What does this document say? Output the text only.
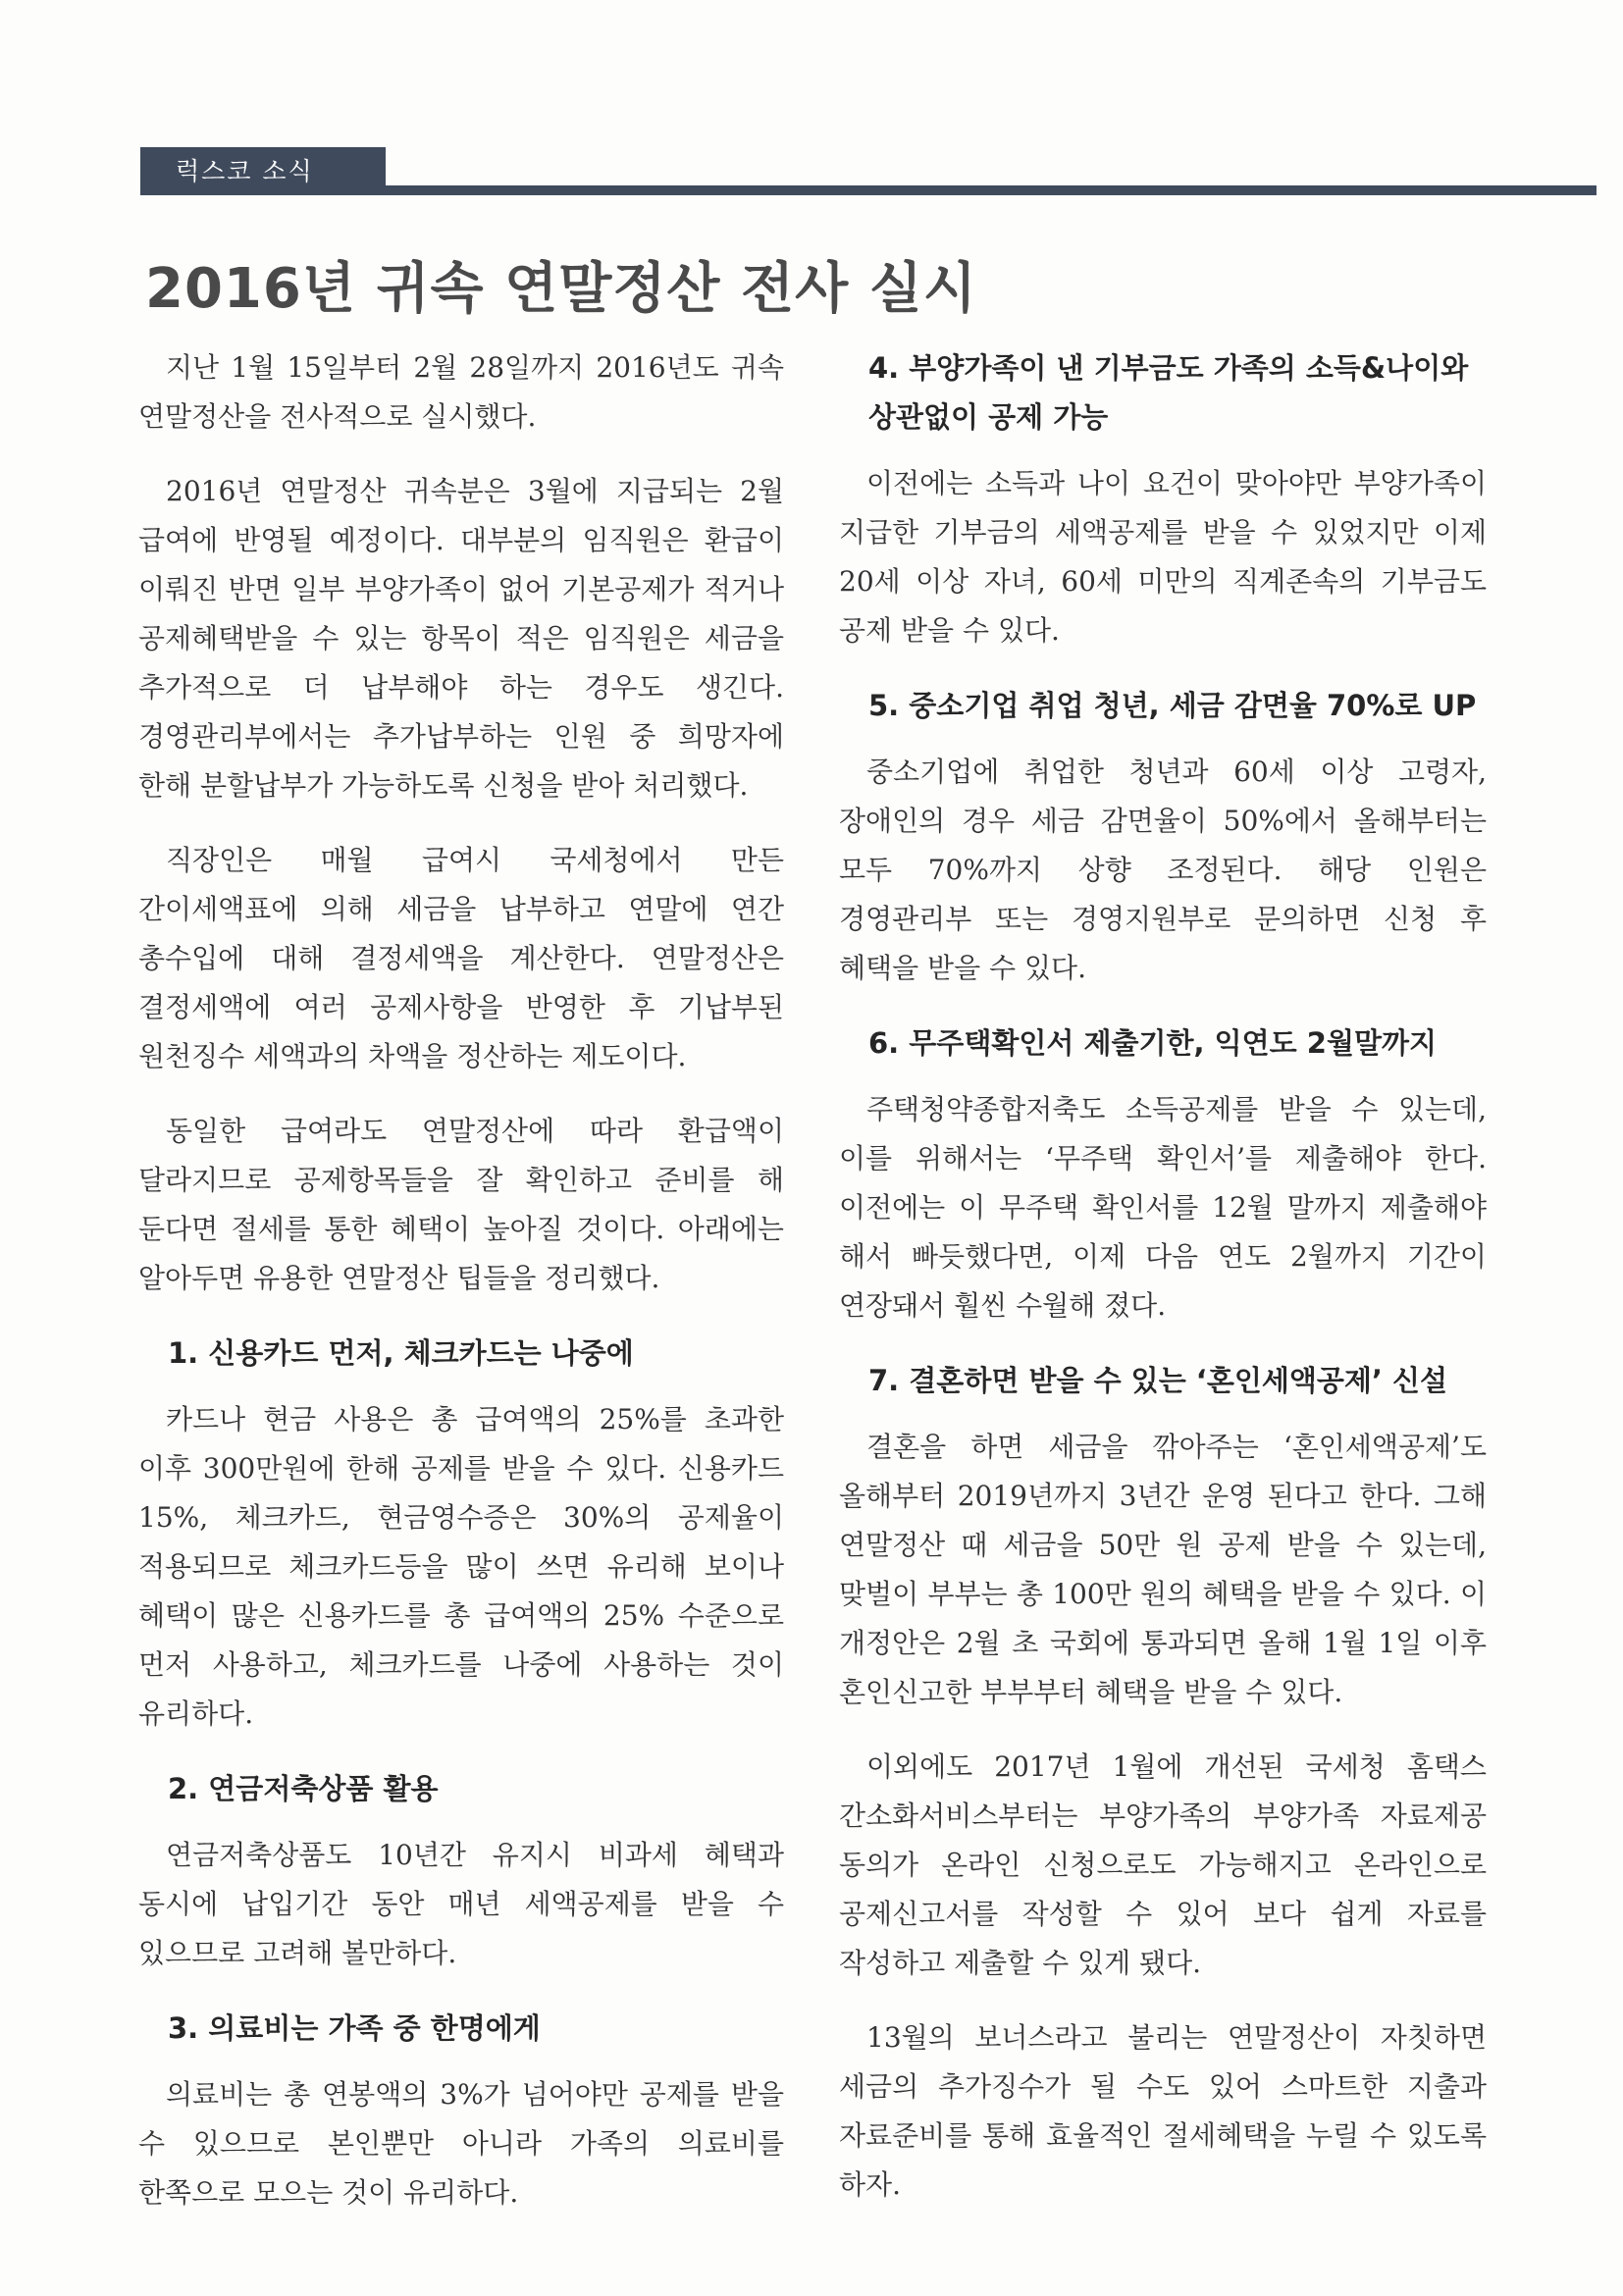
럭스코 소식
2016년 귀속 연말정산 전사 실시

지난 1월 15일부터 2월 28일까지 2016년도 귀속 연말정산을 전사적으로 실시했다.

2016년 연말정산 귀속분은 3월에 지급되는 2월 급여에 반영될 예정이다. 대부분의 임직원은 환급이 이뤄진 반면 일부 부양가족이 없어 기본공제가 적거나 공제혜택받을 수 있는 항목이 적은 임직원은 세금을 추가적으로 더 납부해야 하는 경우도 생긴다. 경영관리부에서는 추가납부하는 인원 중 희망자에 한해 분할납부가 가능하도록 신청을 받아 처리했다.

직장인은 매월 급여시 국세청에서 만든 간이세액표에 의해 세금을 납부하고 연말에 연간 총수입에 대해 결정세액을 계산한다. 연말정산은 결정세액에 여러 공제사항을 반영한 후 기납부된 원천징수 세액과의 차액을 정산하는 제도이다.

동일한 급여라도 연말정산에 따라 환급액이 달라지므로 공제항목들을 잘 확인하고 준비를 해 둔다면 절세를 통한 혜택이 높아질 것이다. 아래에는 알아두면 유용한 연말정산 팁들을 정리했다.

1. 신용카드 먼저, 체크카드는 나중에

카드나 현금 사용은 총 급여액의 25%를 초과한 이후 300만원에 한해 공제를 받을 수 있다. 신용카드 15%, 체크카드, 현금영수증은 30%의 공제율이 적용되므로 체크카드등을 많이 쓰면 유리해 보이나 혜택이 많은 신용카드를 총 급여액의 25% 수준으로 먼저 사용하고, 체크카드를 나중에 사용하는 것이 유리하다.

2. 연금저축상품 활용

연금저축상품도 10년간 유지시 비과세 혜택과 동시에 납입기간 동안 매년 세액공제를 받을 수 있으므로 고려해 볼만하다.

3. 의료비는 가족 중 한명에게

의료비는 총 연봉액의 3%가 넘어야만 공제를 받을 수 있으므로 본인뿐만 아니라 가족의 의료비를 한쪽으로 모으는 것이 유리하다.

4. 부양가족이 낸 기부금도 가족의 소득&나이와 상관없이 공제 가능

이전에는 소득과 나이 요건이 맞아야만 부양가족이 지급한 기부금의 세액공제를 받을 수 있었지만 이제 20세 이상 자녀, 60세 미만의 직계존속의 기부금도 공제 받을 수 있다.

5. 중소기업 취업 청년, 세금 감면율 70%로 UP

중소기업에 취업한 청년과 60세 이상 고령자, 장애인의 경우 세금 감면율이 50%에서 올해부터는 모두 70%까지 상향 조정된다. 해당 인원은 경영관리부 또는 경영지원부로 문의하면 신청 후 혜택을 받을 수 있다.

6. 무주택확인서 제출기한, 익연도 2월말까지

주택청약종합저축도 소득공제를 받을 수 있는데, 이를 위해서는 ‘무주택 확인서’를 제출해야 한다. 이전에는 이 무주택 확인서를 12월 말까지 제출해야 해서 빠듯했다면, 이제 다음 연도 2월까지 기간이 연장돼서 훨씬 수월해 졌다.

7. 결혼하면 받을 수 있는 ‘혼인세액공제’ 신설

결혼을 하면 세금을 깎아주는 ‘혼인세액공제’도 올해부터 2019년까지 3년간 운영 된다고 한다. 그해 연말정산 때 세금을 50만 원 공제 받을 수 있는데, 맞벌이 부부는 총 100만 원의 혜택을 받을 수 있다. 이 개정안은 2월 초 국회에 통과되면 올해 1월 1일 이후 혼인신고한 부부부터 혜택을 받을 수 있다.

이외에도 2017년 1월에 개선된 국세청 홈택스 간소화서비스부터는 부양가족의 부양가족 자료제공 동의가 온라인 신청으로도 가능해지고 온라인으로 공제신고서를 작성할 수 있어 보다 쉽게 자료를 작성하고 제출할 수 있게 됐다.

13월의 보너스라고 불리는 연말정산이 자칫하면 세금의 추가징수가 될 수도 있어 스마트한 지출과 자료준비를 통해 효율적인 절세혜택을 누릴 수 있도록 하자.
